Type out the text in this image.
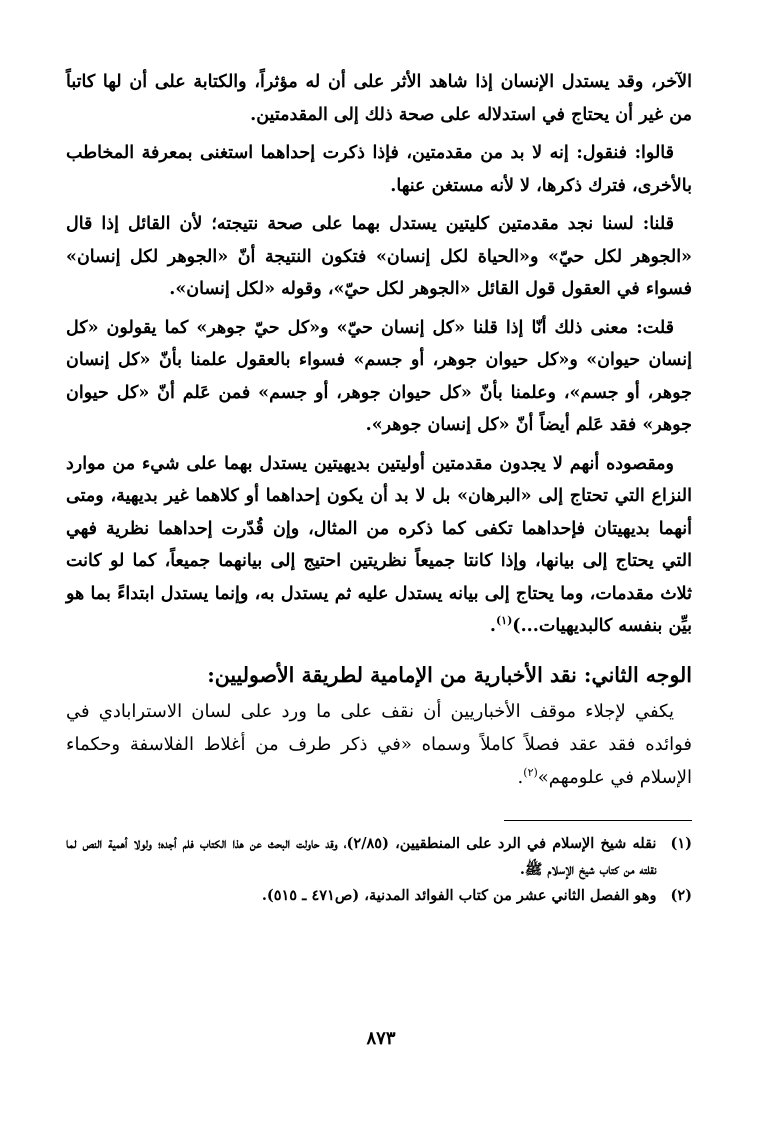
الآخر، وقد يستدل الإنسان إذا شاهد الأثر على أن له مؤثراً، والكتابة على أن لها كاتباً من غير أن يحتاج في استدلاله على صحة ذلك إلى المقدمتين.

قالوا: فنقول: إنه لا بد من مقدمتين، فإذا ذكرت إحداهما استغنى بمعرفة المخاطب بالأخرى، فترك ذكرها، لا لأنه مستغن عنها.

قلنا: لسنا نجد مقدمتين كليتين يستدل بهما على صحة نتيجته؛ لأن القائل إذا قال «الجوهر لكل حيّ» و«الحياة لكل إنسان» فتكون النتيجة أنّ «الجوهر لكل إنسان» فسواء في العقول قول القائل «الجوهر لكل حيّ»، وقوله «لكل إنسان».

قلت: معنى ذلك أنّا إذا قلنا «كل إنسان حيّ» و«كل حيّ جوهر» كما يقولون «كل إنسان حيوان» و«كل حيوان جوهر، أو جسم» فسواء بالعقول علمنا بأنّ «كل إنسان جوهر، أو جسم»، وعلمنا بأنّ «كل حيوان جوهر، أو جسم» فمن عَلم أنّ «كل حيوان جوهر» فقد عَلم أيضاً أنّ «كل إنسان جوهر».

ومقصوده أنهم لا يجدون مقدمتين أوليتين بديهيتين يستدل بهما على شيء من موارد النزاع التي تحتاج إلى «البرهان» بل لا بد أن يكون إحداهما أو كلاهما غير بديهية، ومتى أنهما بديهيتان فإحداهما تكفى كما ذكره من المثال، وإن قُدّرت إحداهما نظرية فهي التي يحتاج إلى بيانها، وإذا كانتا جميعاً نظريتين احتيج إلى بيانهما جميعاً، كما لو كانت ثلاث مقدمات، وما يحتاج إلى بيانه يستدل عليه ثم يستدل به، وإنما يستدل ابتداءً بما هو بيِّن بنفسه كالبديهيات...)$^{(١)}$.

الوجه الثاني: نقد الأخبارية من الإمامية لطريقة الأصوليين:

يكفي لإجلاء موقف الأخباريين أن نقف على ما ورد على لسان الاسترابادي في فوائده فقد عقد فصلاً كاملاً وسماه «في ذكر طرف من أغلاط الفلاسفة وحكماء الإسلام في علومهم»$^{(٢)}$.

(١)
نقله شيخ الإسلام في الرد على المنطقيين، (٢/٨٥)، وقد حاولت البحث عن هذا الكتاب فلم أجده؛ ولولا أهمية النص لما نقلته من كتاب شيخ الإسلام ﷺ.
(٢)
وهو الفصل الثاني عشر من كتاب الفوائد المدنية، (ص٤٧١ ـ ٥١٥).
٨٧٣
